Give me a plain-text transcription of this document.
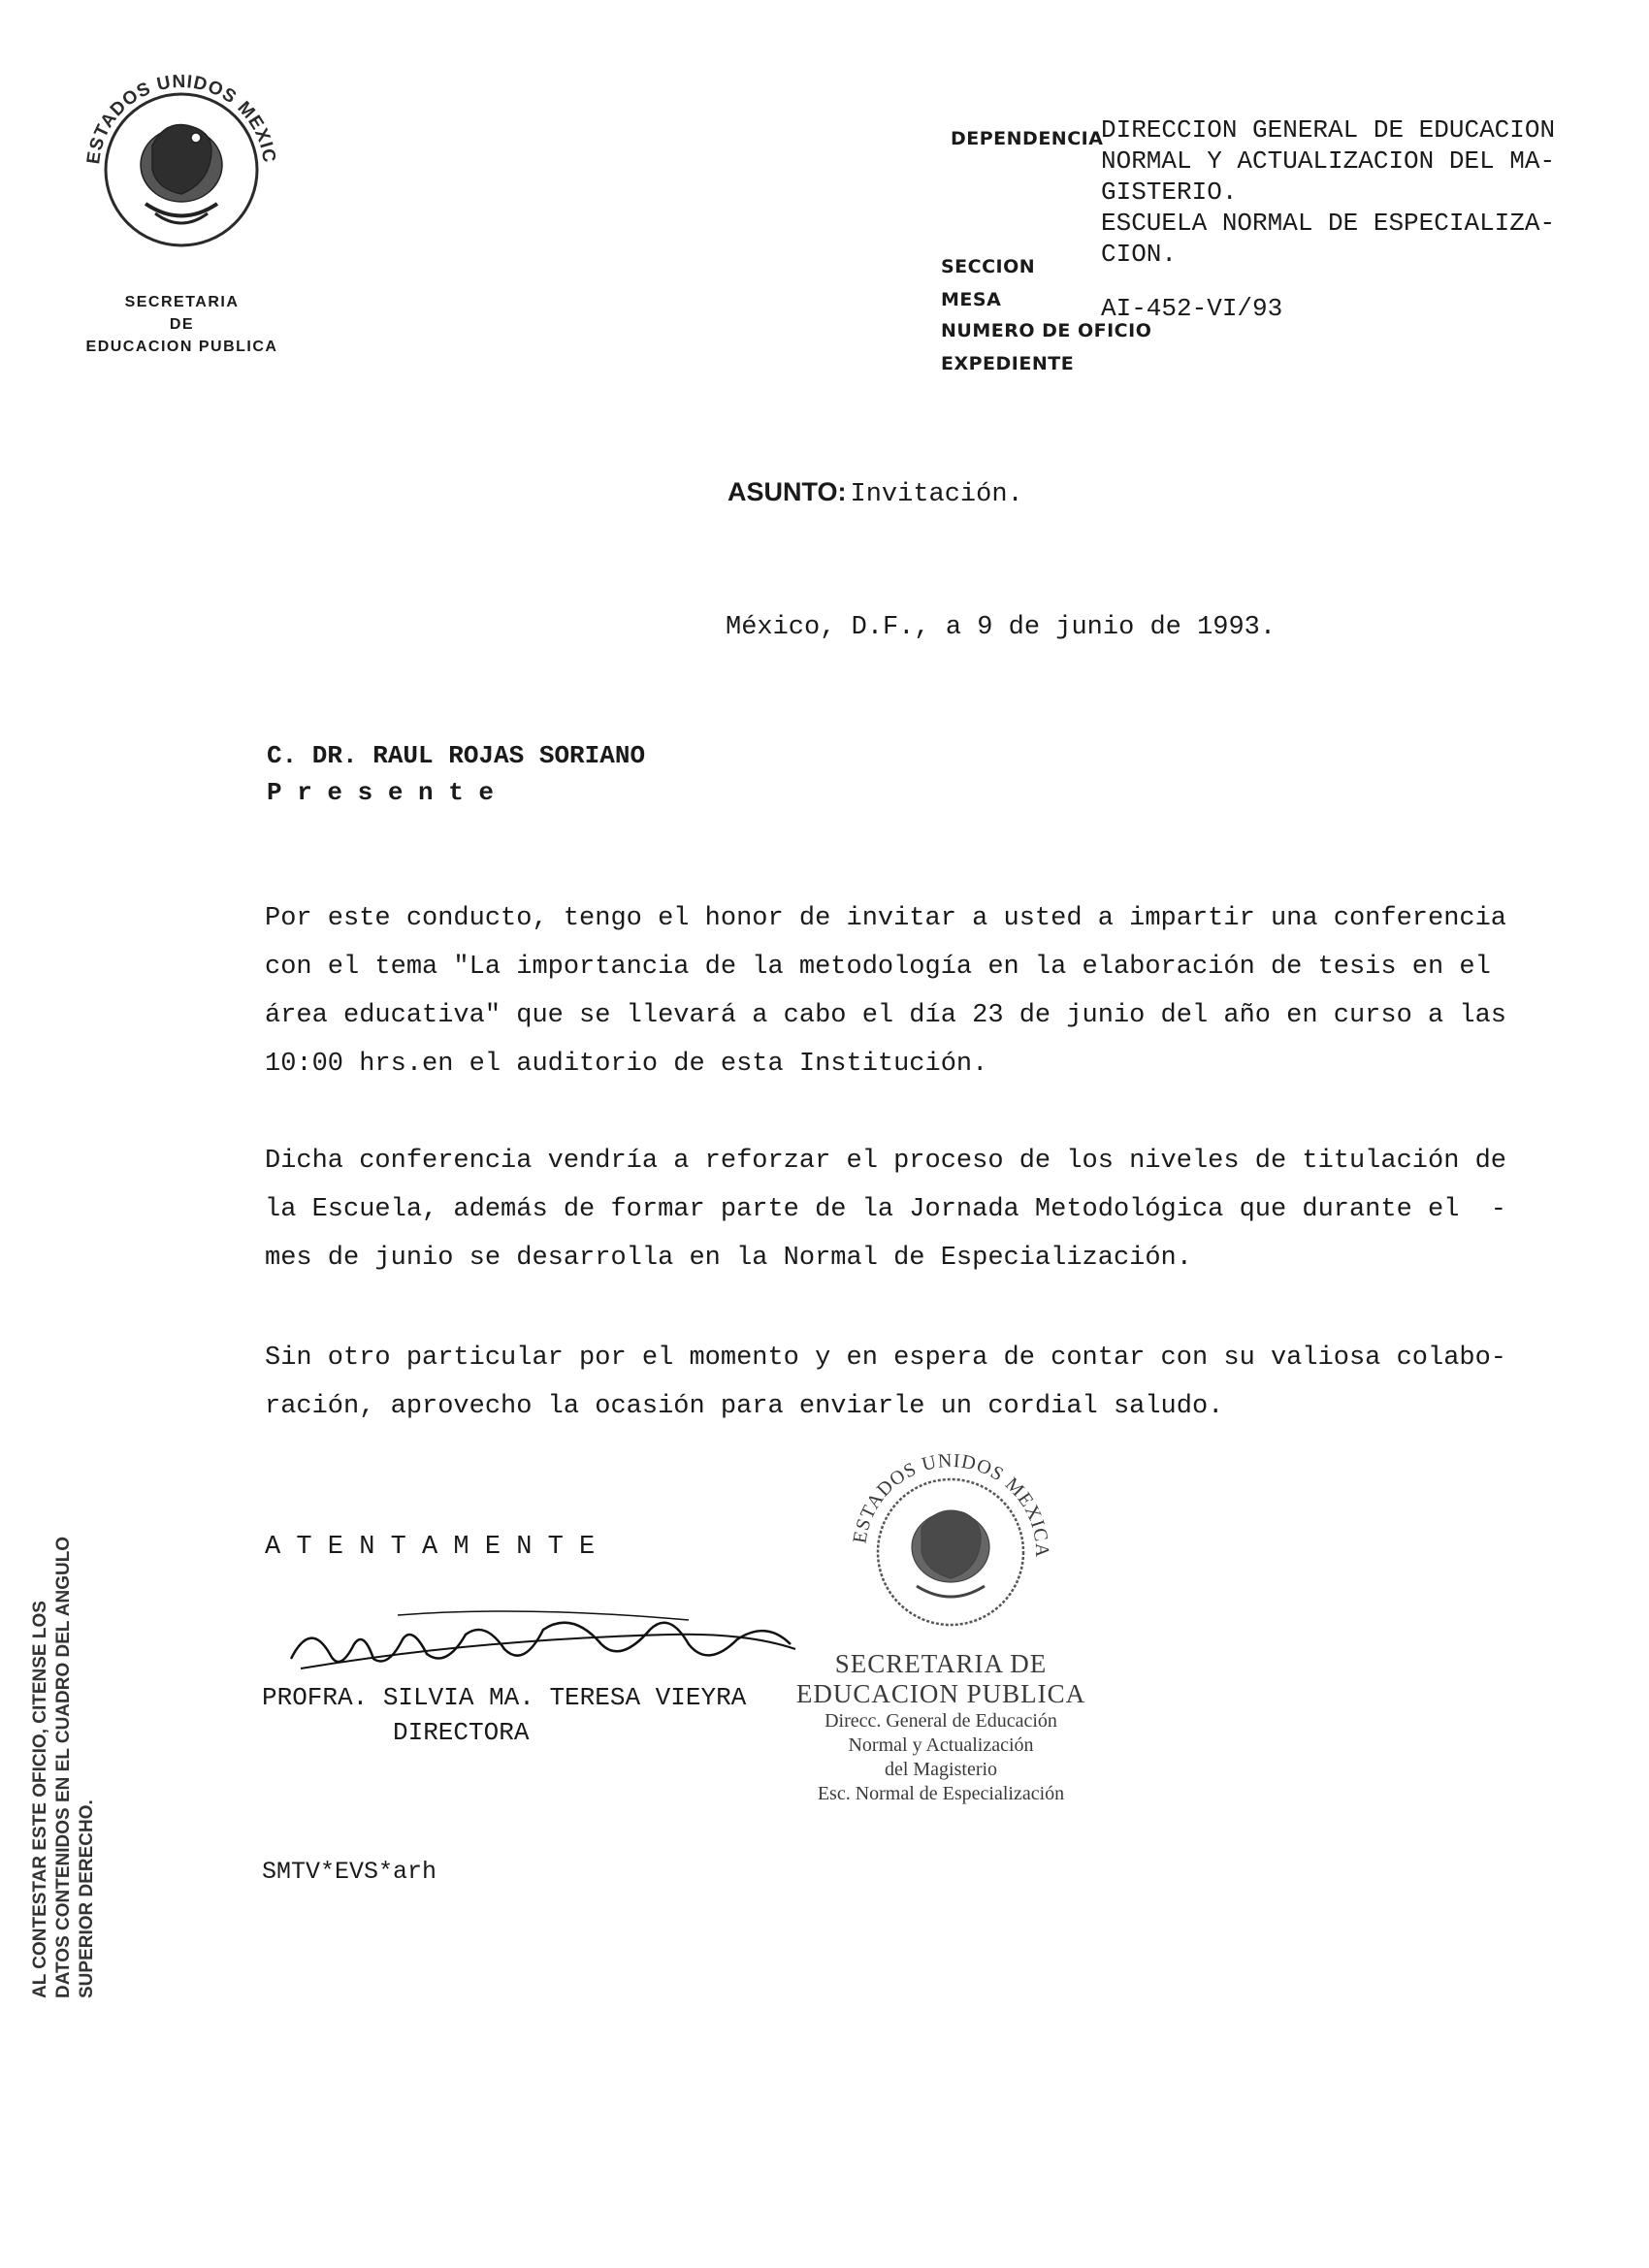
ESTADOS UNIDOS MEXIC
SECRETARIA
DE
EDUCACION PUBLICA
DEPENDENCIA
DIRECCION GENERAL DE EDUCACION
NORMAL Y ACTUALIZACION DEL MA-
GISTERIO.
ESCUELA NORMAL DE ESPECIALIZA-
CION.
SECCION
MESA	AI-452-VI/93
NUMERO DE OFICIO
EXPEDIENTE
ASUNTO: Invitación.
México, D.F., a 9 de junio de 1993.
C. DR. RAUL ROJAS SORIANO
P r e s e n t e
Por este conducto, tengo el honor de invitar a usted a impartir una conferencia
con el tema "La importancia de la metodología en la elaboración de tesis en el
área educativa" que se llevará a cabo el día 23 de junio del año en curso a las
10:00 hrs.en el auditorio de esta Institución.
Dicha conferencia vendría a reforzar el proceso de los niveles de titulación de
la Escuela, además de formar parte de la Jornada Metodológica que durante el  -
mes de junio se desarrolla en la Normal de Especialización.
Sin otro particular por el momento y en espera de contar con su valiosa colabo-
ración, aprovecho la ocasión para enviarle un cordial saludo.
A T E N T A M E N T E
PROFRA. SILVIA MA. TERESA VIEYRA
DIRECTORA
ESTADOS UNIDOS MEXICA
SECRETARIA DE
EDUCACION PUBLICA
Direcc. General de Educación
Normal y Actualización
del Magisterio
Esc. Normal de Especialización
SMTV*EVS*arh
AL CONTESTAR ESTE OFICIO, CITENSE LOS DATOS CONTENIDOS EN EL CUADRO DEL ANGULO SUPERIOR DERECHO.
